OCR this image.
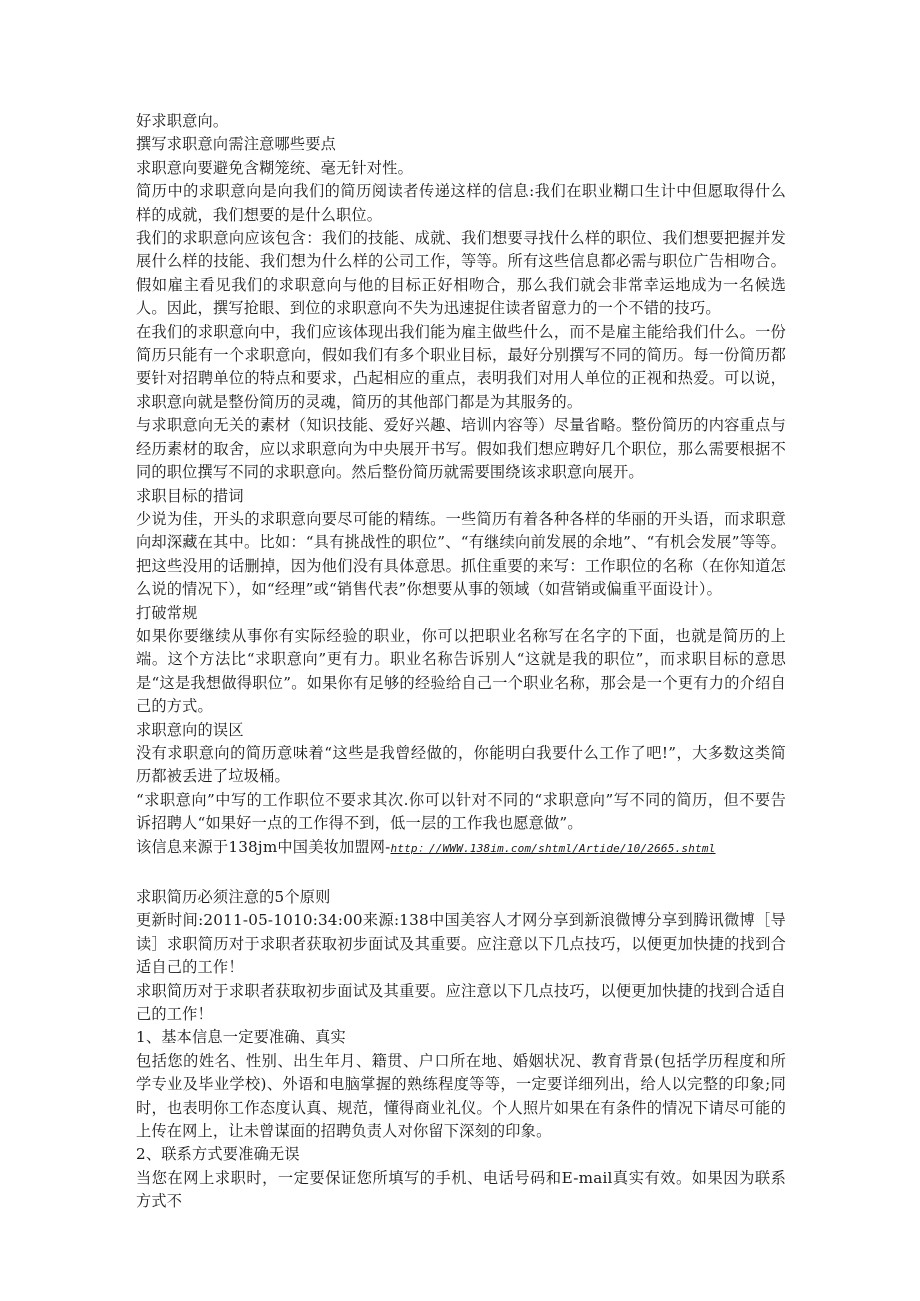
好求职意向。

撰写求职意向需注意哪些要点

求职意向要避免含糊笼统、毫无针对性。

简历中的求职意向是向我们的简历阅读者传递这样的信息:我们在职业糊口生计中但愿取得什么样的成就，我们想要的是什么职位。

我们的求职意向应该包含：我们的技能、成就、我们想要寻找什么样的职位、我们想要把握并发展什么样的技能、我们想为什么样的公司工作，等等。所有这些信息都必需与职位广告相吻合。假如雇主看见我们的求职意向与他的目标正好相吻合，那么我们就会非常幸运地成为一名候选人。因此，撰写抢眼、到位的求职意向不失为迅速捉住读者留意力的一个不错的技巧。

在我们的求职意向中，我们应该体现出我们能为雇主做些什么，而不是雇主能给我们什么。一份简历只能有一个求职意向，假如我们有多个职业目标，最好分别撰写不同的简历。每一份简历都要针对招聘单位的特点和要求，凸起相应的重点，表明我们对用人单位的正视和热爱。可以说，求职意向就是整份简历的灵魂，简历的其他部门都是为其服务的。

与求职意向无关的素材（知识技能、爱好兴趣、培训内容等）尽量省略。整份简历的内容重点与经历素材的取舍，应以求职意向为中央展开书写。假如我们想应聘好几个职位，那么需要根据不同的职位撰写不同的求职意向。然后整份简历就需要围绕该求职意向展开。

求职目标的措词

少说为佳，开头的求职意向要尽可能的精练。一些简历有着各种各样的华丽的开头语，而求职意向却深藏在其中。比如：“具有挑战性的职位”、“有继续向前发展的余地”、“有机会发展”等等。把这些没用的话删掉，因为他们没有具体意思。抓住重要的来写：工作职位的名称（在你知道怎么说的情况下），如“经理”或“销售代表”你想要从事的领域（如营销或偏重平面设计）。

打破常规

如果你要继续从事你有实际经验的职业，你可以把职业名称写在名字的下面，也就是简历的上端。这个方法比“求职意向”更有力。职业名称告诉别人“这就是我的职位”，而求职目标的意思是“这是我想做得职位”。如果你有足够的经验给自己一个职业名称，那会是一个更有力的介绍自己的方式。

求职意向的误区

没有求职意向的简历意味着“这些是我曾经做的，你能明白我要什么工作了吧!”，大多数这类简历都被丢进了垃圾桶。

“求职意向”中写的工作职位不要求其次.你可以针对不同的“求职意向”写不同的简历，但不要告诉招聘人“如果好一点的工作得不到，低一层的工作我也愿意做”。

该信息来源于138jm中国美妆加盟网-http：//WWW.138im.com/shtml/Artide/10/2665.shtml

求职简历必须注意的5个原则

更新时间:2011-05-1010:34:00来源:138中国美容人才网分享到新浪微博分享到腾讯微博［导读］求职简历对于求职者获取初步面试及其重要。应注意以下几点技巧，以便更加快捷的找到合适自己的工作！

求职简历对于求职者获取初步面试及其重要。应注意以下几点技巧，以便更加快捷的找到合适自己的工作！

1、基本信息一定要准确、真实

包括您的姓名、性别、出生年月、籍贯、户口所在地、婚姻状况、教育背景(包括学历程度和所学专业及毕业学校)、外语和电脑掌握的熟练程度等等，一定要详细列出，给人以完整的印象;同时，也表明你工作态度认真、规范，懂得商业礼仪。个人照片如果在有条件的情况下请尽可能的上传在网上，让未曾谋面的招聘负责人对你留下深刻的印象。

2、联系方式要准确无误

当您在网上求职时，一定要保证您所填写的手机、电话号码和E-mail真实有效。如果因为联系方式不
